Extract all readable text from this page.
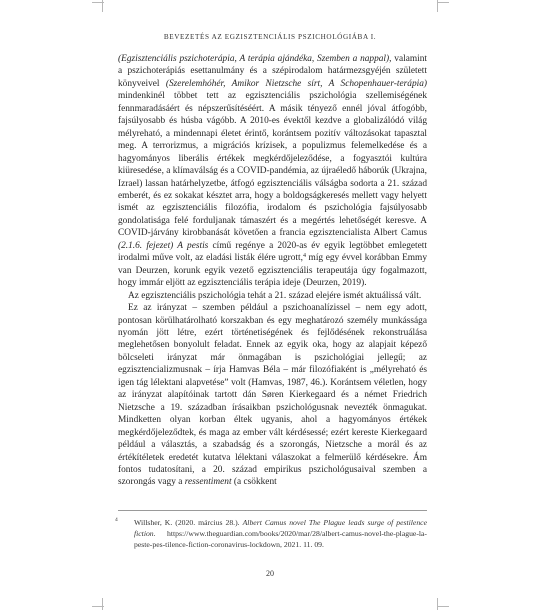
BEVEZETÉS AZ EGZISZTENCIÁLIS PSZICHOLÓGIÁBA I.

(Egzisztenciális pszichoterápia, A terápia ajándéka, Szemben a nappal), valamint a pszichoterápiás esettanulmány és a szépirodalom határmezsgyéjén született könyveivel (Szerelemhóhér, Amikor Nietzsche sírt, A Schopenhauer-terápia) mindenkinél többet tett az egzisztenciális pszichológia szellemiségének fennmaradásáért és népszerűsítéséért. A másik tényező ennél jóval átfogóbb, fajsúlyosabb és húsba vágóbb. A 2010-es évektől kezdve a globalizálódó világ mélyreható, a mindennapi életet érintő, korántsem pozitív változásokat tapasztal meg. A terrorizmus, a migrációs krízisek, a populizmus felemelkedése és a hagyományos liberális értékek megkérdőjeleződése, a fogyasztói kultúra kiüresedése, a klímaválság és a COVID-pandémia, az újraéledő háborúk (Ukrajna, Izrael) lassan határhelyzetbe, átfogó egzisztenciális válságba sodorta a 21. század emberét, és ez sokakat késztet arra, hogy a boldogságkeresés mellett vagy helyett ismét az egzisztenciális filozófia, irodalom és pszichológia fajsúlyosabb gondolatisága felé forduljanak támaszért és a megértés lehetőségét keresve. A COVID-járvány kirobbanását követően a francia egzisztencialista Albert Camus (2.1.6. fejezet) A pestis című regénye a 2020-as év egyik legtöbbet emlegetett irodalmi műve volt, az eladási listák élére ugrott,$^4$ míg egy évvel korábban Emmy van Deurzen, korunk egyik vezető egzisztenciális terapeutája úgy fogalmazott, hogy immár eljött az egzisztenciális terápia ideje (Deurzen, 2019).

Az egzisztenciális pszichológia tehát a 21. század elejére ismét aktuálissá vált.

Ez az irányzat – szemben például a pszichoanalízissel – nem egy adott, pontosan körülhatárolható korszakban és egy meghatározó személy munkássága nyomán jött létre, ezért történetiségének és fejlődésének rekonstruálása meglehetősen bonyolult feladat. Ennek az egyik oka, hogy az alapjait képező bölcseleti irányzat már önmagában is pszichológiai jellegű; az egzisztencializmusnak – írja Hamvas Béla – már filozófiaként is „mélyreható és igen tág lélektani alapvetése” volt (Hamvas, 1987, 46.). Korántsem véletlen, hogy az irányzat alapítóinak tartott dán Søren Kierkegaard és a német Friedrich Nietzsche a 19. században írásaikban pszichológusnak nevezték önmagukat. Mindketten olyan korban éltek ugyanis, ahol a hagyományos értékek megkérdőjeleződtek, és maga az ember vált kérdésessé; ezért kereste Kierkegaard például a választás, a szabadság és a szorongás, Nietzsche a morál és az értékítéletek eredetét kutatva lélektani válaszokat a felmerülő kérdésekre. Ám fontos tudatosítani, a 20. század empirikus pszichológusaival szemben a szorongás vagy a ressentiment (a csökkent

4	Willsher, K. (2020. március 28.). Albert Camus novel The Plague leads surge of pestilence fiction. https://www.theguardian.com/books/2020/mar/28/albert-camus-novel-the-plague-la-peste-pes-tilence-fiction-coronavirus-lockdown, 2021. 11. 09.
20
